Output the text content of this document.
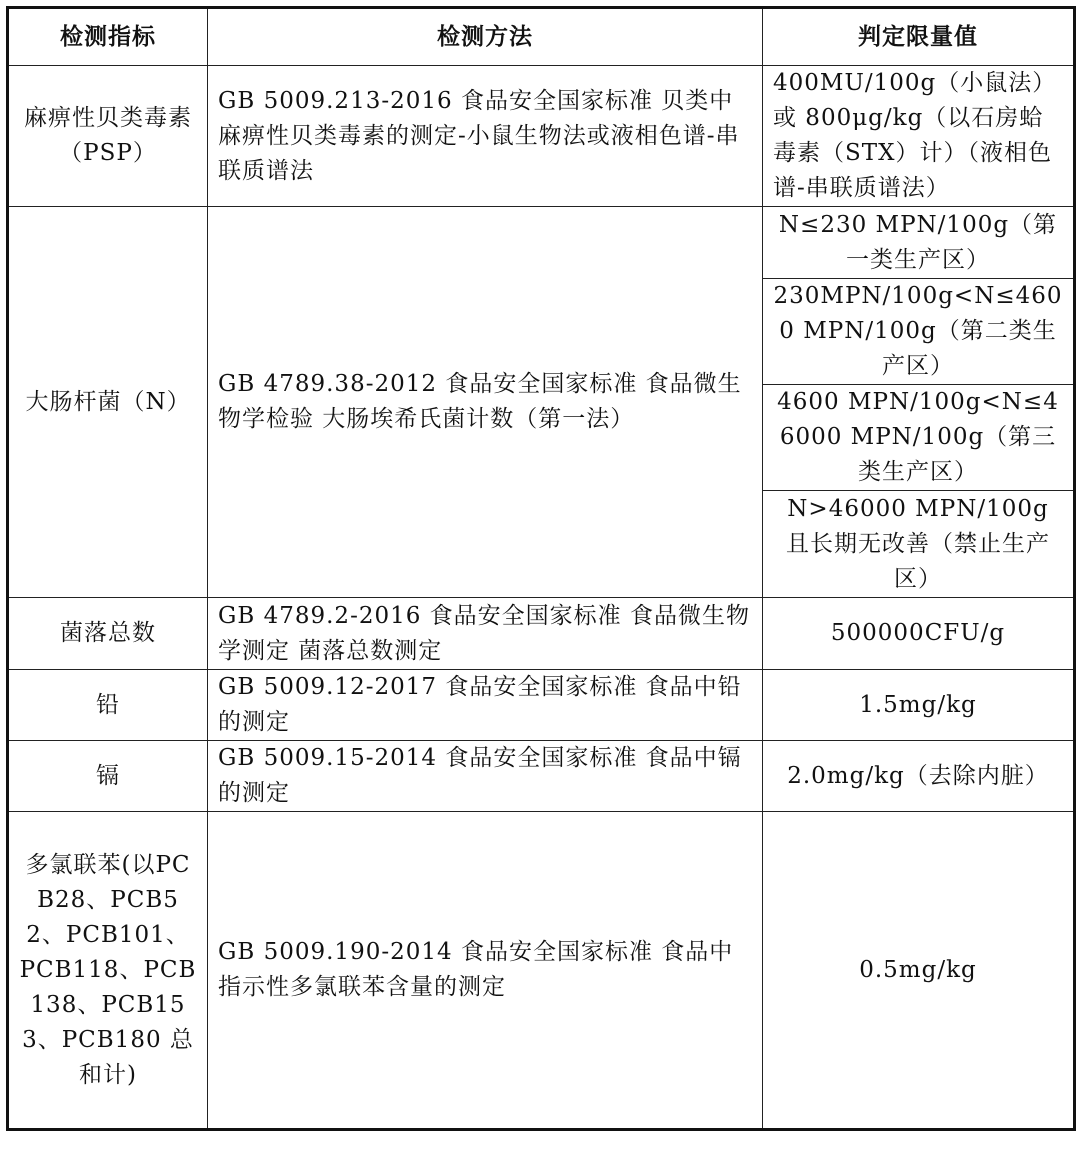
检测指标	检测方法	判定限量值
麻痹性贝类毒素（PSP）	GB 5009.213-2016 食品安全国家标准 贝类中麻痹性贝类毒素的测定-小鼠生物法或液相色谱-串联质谱法	400MU/100g（小鼠法）或 800μg/kg（以石房蛤毒素（STX）计）（液相色谱-串联质谱法）
大肠杆菌（N）	GB 4789.38-2012 食品安全国家标准 食品微生物学检验 大肠埃希氏菌计数（第一法）	N≤230 MPN/100g（第一类生产区）
		230MPN/100g<N≤4600 MPN/100g（第二类生产区）
		4600 MPN/100g<N≤46000 MPN/100g（第三类生产区）
		N>46000 MPN/100g 且长期无改善（禁止生产区）
菌落总数	GB 4789.2-2016 食品安全国家标准 食品微生物学测定 菌落总数测定	500000CFU/g
铅	GB 5009.12-2017 食品安全国家标准 食品中铅的测定	1.5mg/kg
镉	GB 5009.15-2014 食品安全国家标准 食品中镉的测定	2.0mg/kg（去除内脏）
多氯联苯(以PCB28、PCB52、PCB101、PCB118、PCB138、PCB153、PCB180 总和计)	GB 5009.190-2014 食品安全国家标准 食品中指示性多氯联苯含量的测定	0.5mg/kg
